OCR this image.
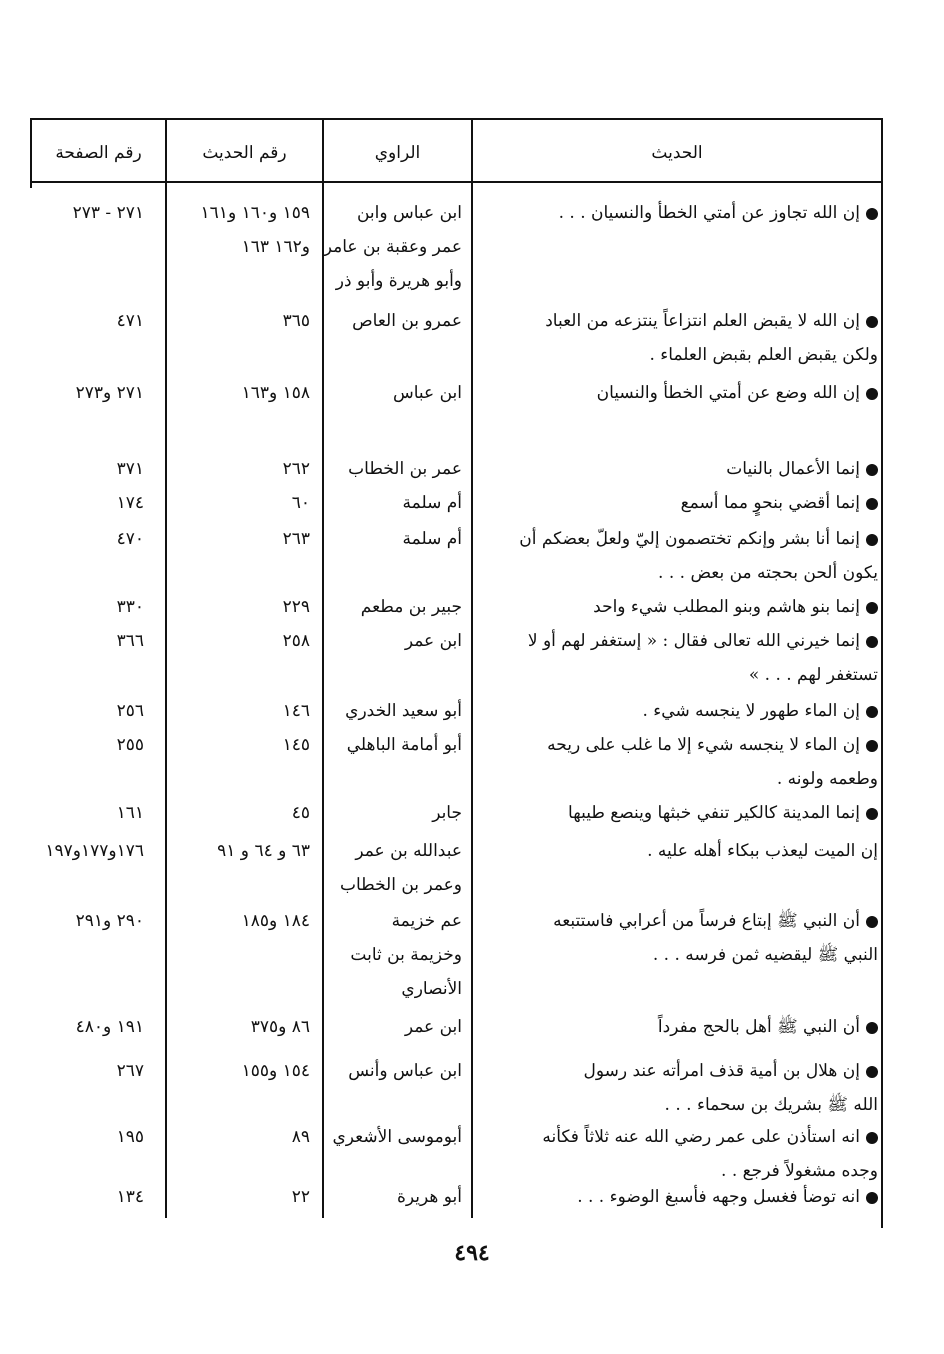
الحديث
الراوي
رقم الحديث
رقم الصفحة
إن الله تجاوز عن أمتي الخطأ والنسيان . . .
ابن عباس وابن
عمر وعقبة بن عامر
وأبو هريرة وأبو ذر
١٥٩ و١٦٠ و١٦١
و١٦٢ ١٦٣
٢٧١ - ٢٧٣
إن الله لا يقبض العلم انتزاعاً ينتزعه من العباد
ولكن يقبض العلم بقبض العلماء .
عمرو بن العاص
٣٦٥
٤٧١
إن الله وضع عن أمتي الخطأ والنسيان
ابن عباس
١٥٨ و١٦٣
٢٧١ و٢٧٣
إنما الأعمال بالنيات
عمر بن الخطاب
٢٦٢
٣٧١
إنما أقضي بنحوٍ مما أسمع
أم سلمة
٦٠
١٧٤
إنما أنا بشر وإنكم تختصمون إليّ ولعلّ بعضكم أن
يكون ألحن بحجته من بعض . . .
أم سلمة
٢٦٣
٤٧٠
إنما بنو هاشم وبنو المطلب شيء واحد
جبير بن مطعم
٢٢٩
٣٣٠
إنما خيرني الله تعالى فقال : « إستغفر لهم أو لا
تستغفر لهم . . . »
ابن عمر
٢٥٨
٣٦٦
إن الماء طهور لا ينجسه شيء .
أبو سعيد الخدري
١٤٦
٢٥٦
إن الماء لا ينجسه شيء إلا ما غلب على ريحه
وطعمه ولونه .
أبو أمامة الباهلي
١٤٥
٢٥٥
إنما المدينة كالكير تنفي خبثها وينصع طيبها
جابر
٤٥
١٦١
إن الميت ليعذب ببكاء أهله عليه .
عبدالله بن عمر
وعمر بن الخطاب
٦٣ و ٦٤ و ٩١
١٧٦و١٧٧و١٩٧
أن النبي ﷺ إبتاع فرساً من أعرابي فاستتبعه
النبي ﷺ ليقضيه ثمن فرسه . . .
عم خزيمة
وخزيمة بن ثابت
الأنصاري
١٨٤ و١٨٥
٢٩٠ و٢٩١
أن النبي ﷺ أهل بالحج مفرداً
ابن عمر
٨٦ و٣٧٥
١٩١ و٤٨٠
إن هلال بن أمية قذف امرأته عند رسول
الله ﷺ بشريك بن سحماء . . .
ابن عباس وأنس
١٥٤ و١٥٥
٢٦٧
انه استأذن على عمر رضي الله عنه ثلاثاً فكأنه
وجده مشغولاً فرجع . .
أبوموسى الأشعري
٨٩
١٩٥
انه توضأ فغسل وجهه فأسبغ الوضوء . . .
أبو هريرة
٢٢
١٣٤
٤٩٤
